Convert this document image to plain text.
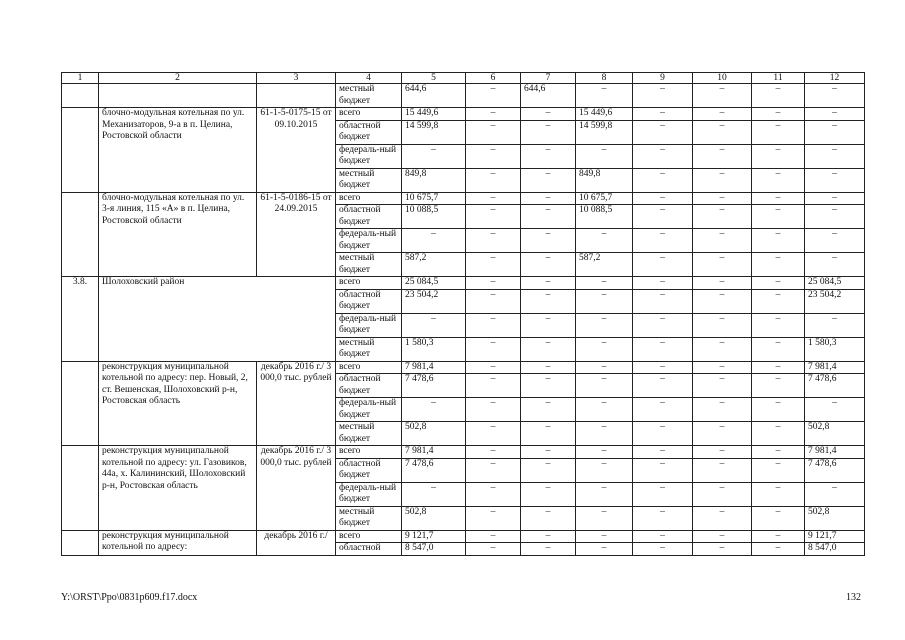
1	2	3	4	5	6	7	8	9	10	11	12
			местный бюджет	644,6	–	644,6	–	–	–	–	–
	блочно-модульная котельная по ул. Механизаторов, 9-а в п. Целина, Ростовской области	61-1-5-0175-15 от 09.10.2015	всего	15 449,6	–	–	15 449,6	–	–	–	–
			областной бюджет	14 599,8	–	–	14 599,8	–	–	–	–
			федераль-ный бюджет	–	–	–	–	–	–	–	–
			местный бюджет	849,8	–	–	849,8	–	–	–	–
	блочно-модульная котельная по ул. 3-я линия, 115 «А» в п. Целина, Ростовской области	61-1-5-0186-15 от 24.09.2015	всего	10 675,7	–	–	10 675,7	–	–	–	–
			областной бюджет	10 088,5	–	–	10 088,5	–	–	–	–
			федераль-ный бюджет	–	–	–	–	–	–	–	–
			местный бюджет	587,2	–	–	587,2	–	–	–	–
3.8.	Шолоховский район		всего	25 084,5	–	–	–	–	–	–	25 084,5
			областной бюджет	23 504,2	–	–	–	–	–	–	23 504,2
			федераль-ный бюджет	–	–	–	–	–	–	–	–
			местный бюджет	1 580,3	–	–	–	–	–	–	1 580,3
	реконструкция муниципальной котельной по адресу: пер. Новый, 2, ст. Вешенская, Шолоховский р-н, Ростовская область	декабрь 2016 г./ 3 000,0 тыс. рублей	всего	7 981,4	–	–	–	–	–	–	7 981,4
			областной бюджет	7 478,6	–	–	–	–	–	–	7 478,6
			федераль-ный бюджет	–	–	–	–	–	–	–	–
			местный бюджет	502,8	–	–	–	–	–	–	502,8
	реконструкция муниципальной котельной по адресу: ул. Газовиков, 44а, х. Калининский, Шолоховский р-н, Ростовская область	декабрь 2016 г./ 3 000,0 тыс. рублей	всего	7 981,4	–	–	–	–	–	–	7 981,4
			областной бюджет	7 478,6	–	–	–	–	–	–	7 478,6
			федераль-ный бюджет	–	–	–	–	–	–	–	–
			местный бюджет	502,8	–	–	–	–	–	–	502,8
	реконструкция муниципальной котельной по адресу:	декабрь 2016 г./	всего	9 121,7	–	–	–	–	–	–	9 121,7
			областной	8 547,0	–	–	–	–	–	–	8 547,0
Y:\ORST\Ppo\0831p609.f17.docx	132
